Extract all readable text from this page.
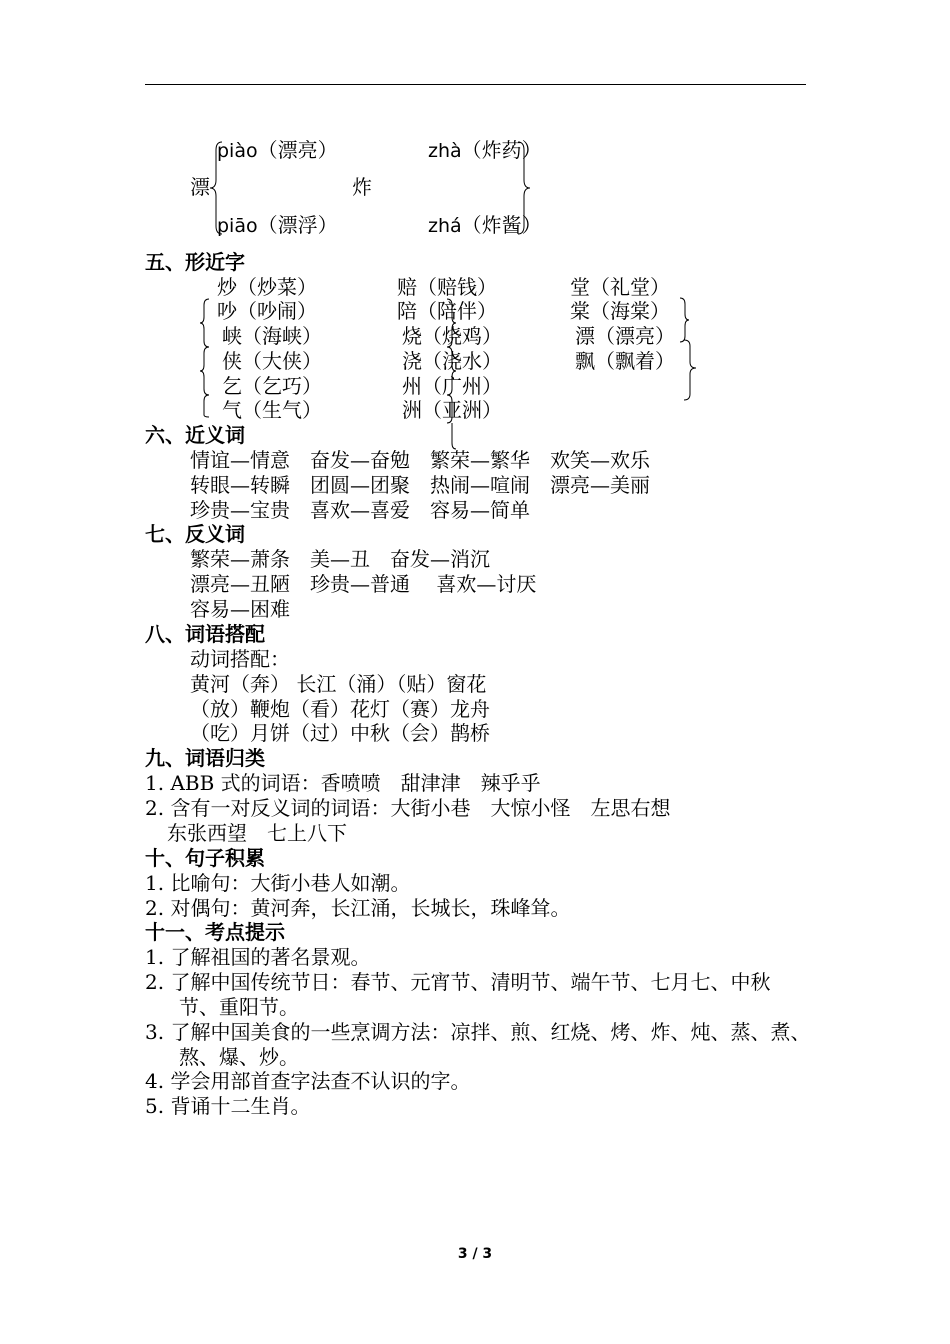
piào（漂亮）
漂
piāo（漂浮）
zhà（炸药）
炸
zhá（炸酱）
五、形近字
炒（炒菜）
吵（吵闹）
峡（海峡）
侠（大侠）
乞（乞巧）
气（生气）
赔（赔钱）
陪（陪伴）
烧（烧鸡）
浇（浇水）
州（广州）
洲（亚洲）
堂（礼堂）
棠（海棠）
漂（漂亮）
飘（飘着）
六、近义词
情谊—情意　奋发—奋勉　繁荣—繁华　欢笑—欢乐
转眼—转瞬　团圆—团聚　热闹—喧闹　漂亮—美丽
珍贵—宝贵　喜欢—喜爱　容易—简单
七、反义词
繁荣—萧条　美—丑　奋发—消沉
漂亮—丑陋　珍贵—普通　 喜欢—讨厌
容易—困难
八、词语搭配
动词搭配：
黄河（奔） 长江（涌）（贴）窗花
（放）鞭炮（看）花灯（赛）龙舟
（吃）月饼（过）中秋（会）鹊桥
九、词语归类
1. ABB 式的词语：香喷喷　甜津津　辣乎乎
2. 含有一对反义词的词语：大街小巷　大惊小怪　左思右想
东张西望　七上八下
十、句子积累
1. 比喻句：大街小巷人如潮。
2. 对偶句：黄河奔，长江涌，长城长，珠峰耸。
十一、考点提示
1. 了解祖国的著名景观。
2. 了解中国传统节日：春节、元宵节、清明节、端午节、七月七、中秋
节、重阳节。
3. 了解中国美食的一些烹调方法：凉拌、煎、红烧、烤、炸、炖、蒸、煮、
熬、爆、炒。
4. 学会用部首查字法查不认识的字。
5. 背诵十二生肖。
3 / 3
